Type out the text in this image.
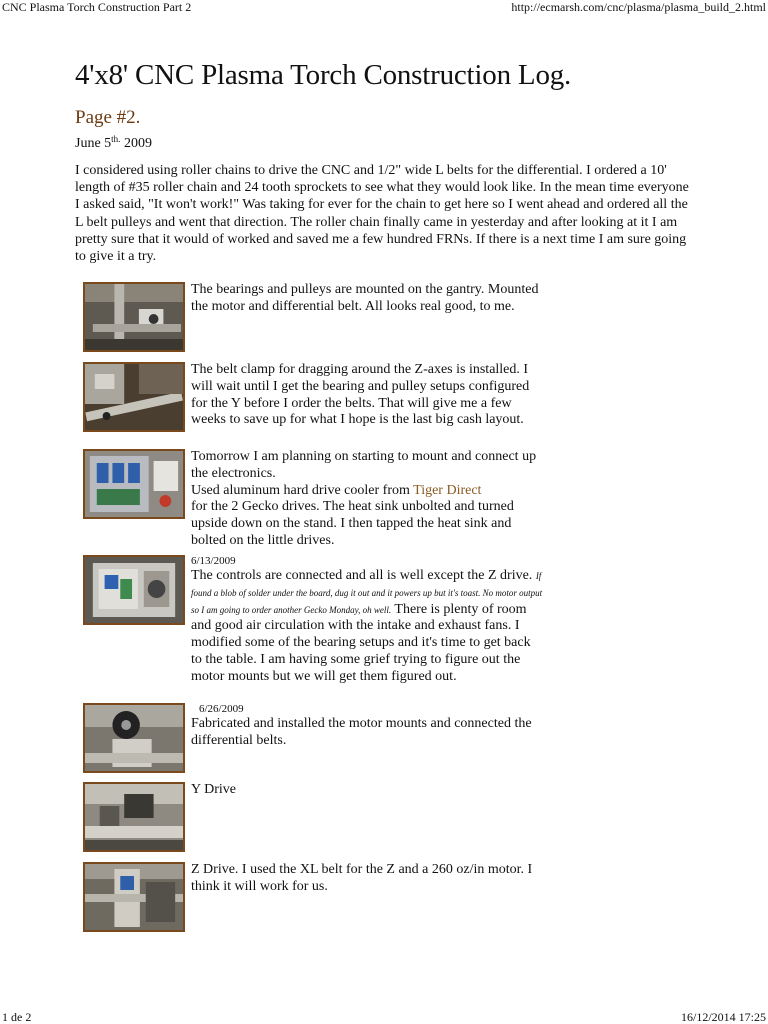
CNC Plasma Torch Construction Part 2	http://ecmarsh.com/cnc/plasma/plasma_build_2.html
4'x8' CNC Plasma Torch Construction Log.
Page #2.
June $5^{th.}$ 2009

I considered using roller chains to drive the CNC and 1/2" wide L belts for the differential. I ordered a 10' length of #35 roller chain and 24 tooth sprockets to see what they would look like. In the mean time everyone I asked said, "It won't work!" Was taking for ever for the chain to get here so I went ahead and ordered all the L belt pulleys and went that direction. The roller chain finally came in yesterday and after looking at it I am pretty sure that it would of worked and saved me a few hundred FRNs. If there is a next time I am sure going to give it a try.

The bearings and pulleys are mounted on the gantry. Mounted the motor and differential belt. All looks real good, to me.

The belt clamp for dragging around the Z-axes is installed. I will wait until I get the bearing and pulley setups configured for the Y before I order the belts. That will give me a few weeks to save up for what I hope is the last big cash layout.

Tomorrow I am planning on starting to mount and connect up the electronics.
Used aluminum hard drive cooler from Tiger Direct
for the 2 Gecko drives. The heat sink unbolted and turned upside down on the stand. I then tapped the heat sink and bolted on the little drives.
6/13/2009
The controls are connected and all is well except the Z drive. If found a blob of solder under the board, dug it out and it powers up but it's toast. No motor output so I am going to order another Gecko Monday, oh well. There is plenty of room and good air circulation with the intake and exhaust fans. I modified some of the bearing setups and it's time to get back to the table. I am having some grief trying to figure out the motor mounts but we will get them figured out.
6/26/2009
Fabricated and installed the motor mounts and connected the differential belts.

Y Drive

Z Drive. I used the XL belt for the Z and a 260 oz/in motor. I think it will work for us.

1 de 2	16/12/2014 17:25
